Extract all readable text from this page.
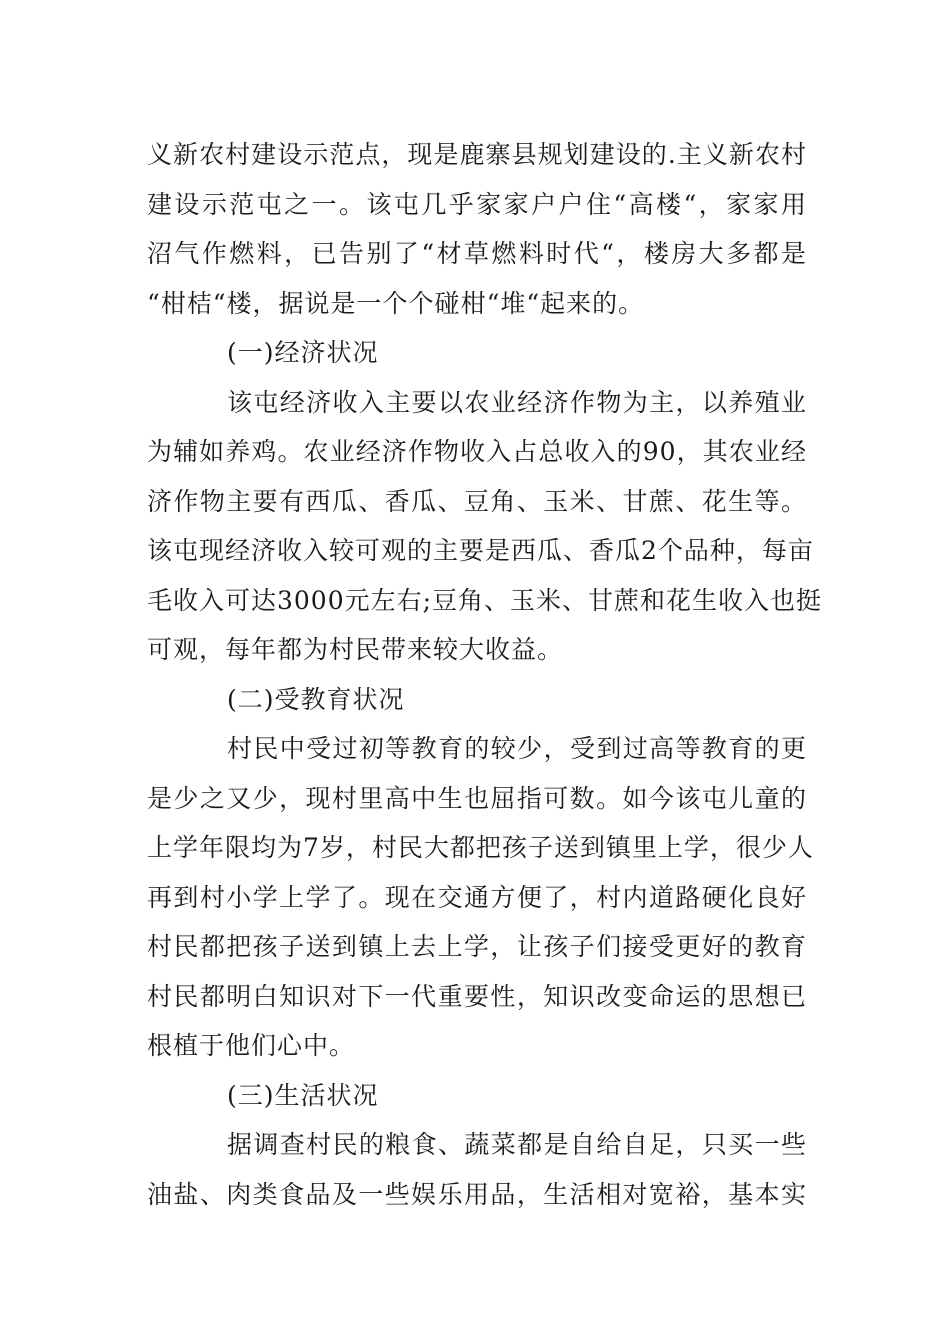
义新农村建设示范点，现是鹿寨县规划建设的.主义新农村
建设示范屯之一。该屯几乎家家户户住“高楼“，家家用
沼气作燃料，已告别了“材草燃料时代“，楼房大多都是
“柑桔“楼，据说是一个个碰柑“堆“起来的。
(一)经济状况
该屯经济收入主要以农业经济作物为主，以养殖业
为辅如养鸡。农业经济作物收入占总收入的90，其农业经
济作物主要有西瓜、香瓜、豆角、玉米、甘蔗、花生等。
该屯现经济收入较可观的主要是西瓜、香瓜2个品种，每亩
毛收入可达3000元左右;豆角、玉米、甘蔗和花生收入也挺
可观，每年都为村民带来较大收益。
(二)受教育状况
村民中受过初等教育的较少，受到过高等教育的更
是少之又少，现村里高中生也屈指可数。如今该屯儿童的
上学年限均为7岁，村民大都把孩子送到镇里上学，很少人
再到村小学上学了。现在交通方便了，村内道路硬化良好
村民都把孩子送到镇上去上学，让孩子们接受更好的教育
村民都明白知识对下一代重要性，知识改变命运的思想已
根植于他们心中。
(三)生活状况
据调查村民的粮食、蔬菜都是自给自足，只买一些
油盐、肉类食品及一些娱乐用品，生活相对宽裕，基本实
